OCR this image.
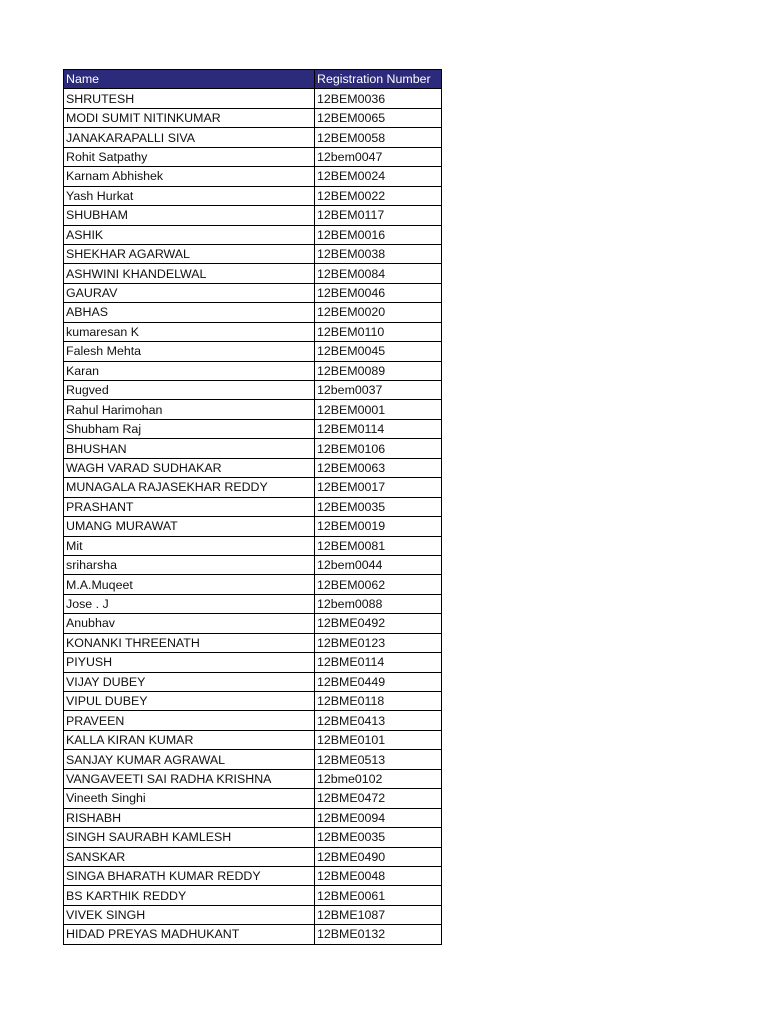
Name	Registration Number
SHRUTESH	12BEM0036
MODI SUMIT NITINKUMAR	12BEM0065
JANAKARAPALLI SIVA	12BEM0058
Rohit Satpathy	12bem0047
Karnam Abhishek	12BEM0024
Yash Hurkat	12BEM0022
SHUBHAM	12BEM0117
ASHIK	12BEM0016
SHEKHAR AGARWAL	12BEM0038
ASHWINI KHANDELWAL	12BEM0084
GAURAV	12BEM0046
ABHAS	12BEM0020
kumaresan K	12BEM0110
Falesh Mehta	12BEM0045
Karan	12BEM0089
Rugved	12bem0037
Rahul Harimohan	12BEM0001
Shubham Raj	12BEM0114
BHUSHAN	12BEM0106
WAGH VARAD SUDHAKAR	12BEM0063
MUNAGALA RAJASEKHAR REDDY	12BEM0017
PRASHANT	12BEM0035
UMANG MURAWAT	12BEM0019
Mit	12BEM0081
sriharsha	12bem0044
M.A.Muqeet	12BEM0062
Jose . J	12bem0088
Anubhav	12BME0492
KONANKI THREENATH	12BME0123
PIYUSH	12BME0114
VIJAY DUBEY	12BME0449
VIPUL DUBEY	12BME0118
PRAVEEN	12BME0413
KALLA KIRAN KUMAR	12BME0101
SANJAY KUMAR AGRAWAL	12BME0513
VANGAVEETI SAI RADHA KRISHNA	12bme0102
Vineeth Singhi	12BME0472
RISHABH	12BME0094
SINGH SAURABH KAMLESH	12BME0035
SANSKAR	12BME0490
SINGA BHARATH KUMAR REDDY	12BME0048
BS KARTHIK REDDY	12BME0061
VIVEK SINGH	12BME1087
HIDAD PREYAS MADHUKANT	12BME0132
